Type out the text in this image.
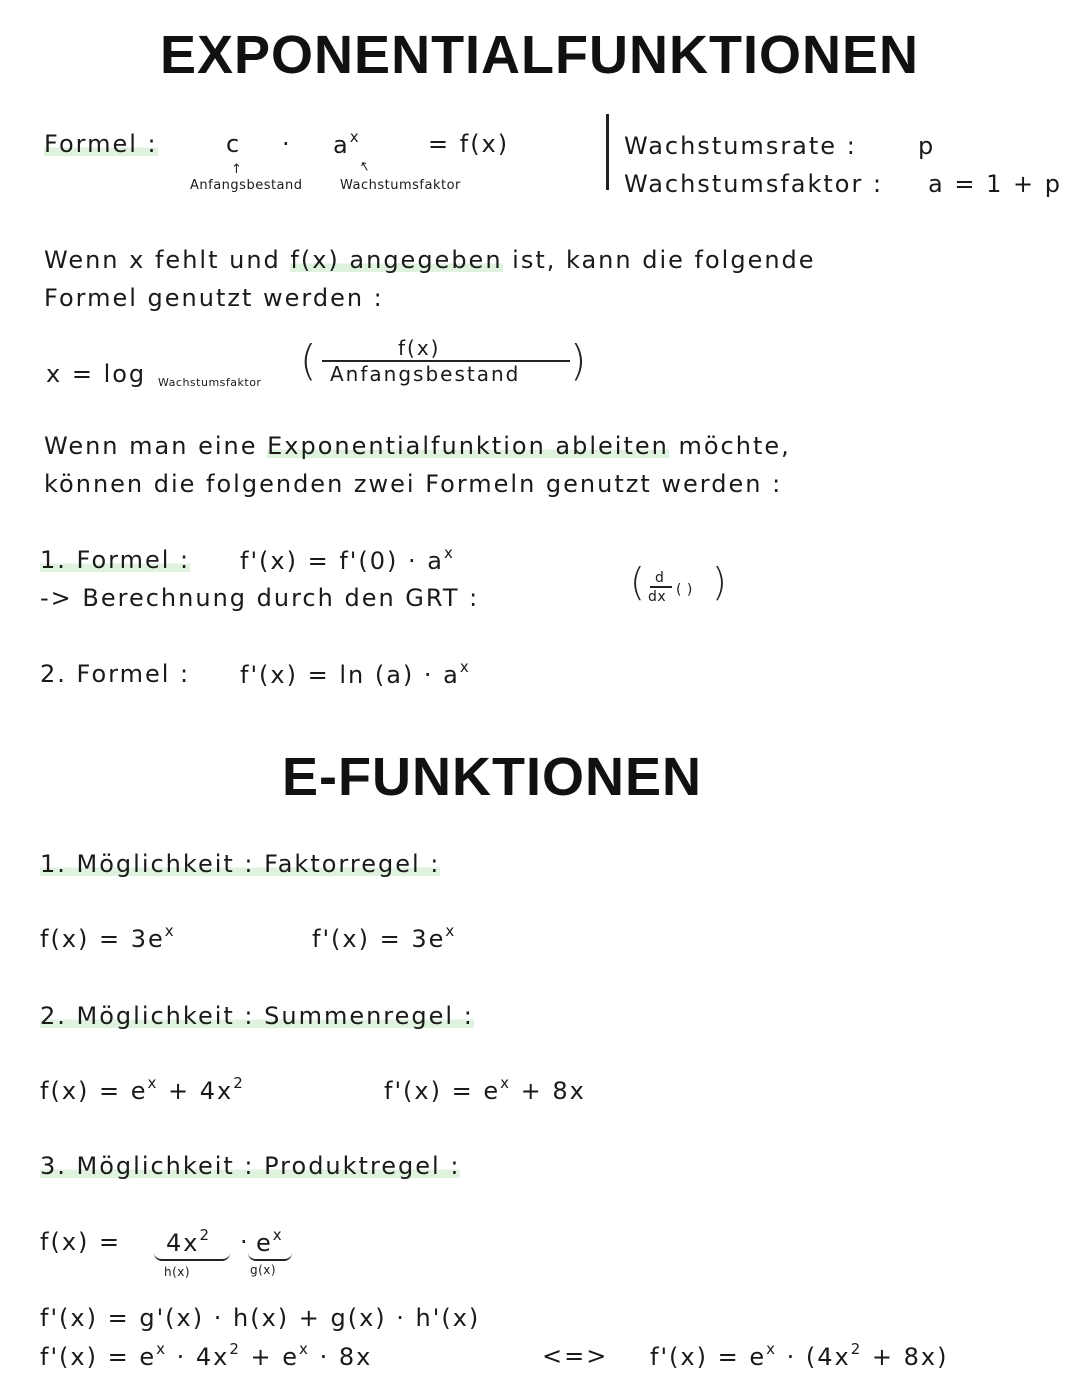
EXPONENTIALFUNKTIONEN
Formel :	$c \cdot a^x$	= f(x)
↑	↑
Anfangsbestand	Wachstumsfaktor
Wachstumsrate :	p
Wachstumsfaktor : a = 1 + p
Wenn x fehlt und f(x) angegeben ist, kann die folgende
Formel genutzt werden :
x = log Wachstumsfaktor (	f(x)
Anfangsbestand )
Wenn man eine Exponentialfunktion ableiten möchte,
können die folgenden zwei Formeln genutzt werden :
1. Formel : $f'(x) = f'(0) \cdot a^x$
-> Berechnung durch den GRT :	( d
dx ( ) )
2. Formel : $f'(x) = \ln (a) \cdot a^x$
E-FUNKTIONEN
1. Möglichkeit : Faktorregel :
$f(x) = 3e^x$	$f'(x) = 3e^x$
2. Möglichkeit : Summenregel :
$f(x) = e^x + 4x^2$	$f'(x) = e^x + 8x$
3. Möglichkeit : Produktregel :
$f(x) = 4x^2 \cdot e^x$
h(x)	g(x)
f'(x) = g'(x) · h(x) + g(x) · h'(x)
$f'(x) = e^x \cdot 4x^2 + e^x \cdot 8x$	<=> $f'(x) = e^x \cdot (4x^2 + 8x)$
